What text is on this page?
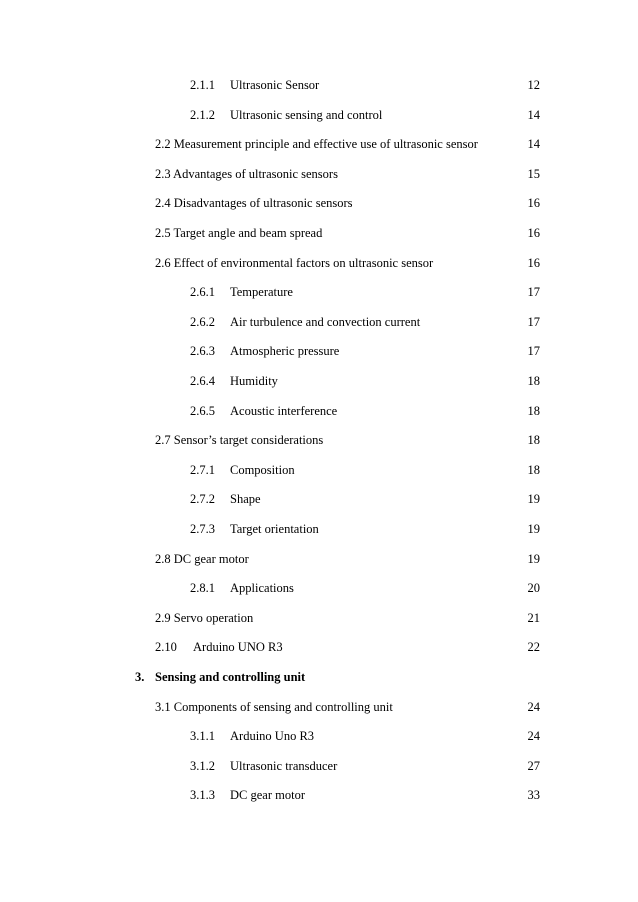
2.1.1 Ultrasonic Sensor	12
2.1.2 Ultrasonic sensing and control	14
2.2 Measurement principle and effective use of ultrasonic sensor	14
2.3 Advantages of ultrasonic sensors	15
2.4 Disadvantages of ultrasonic sensors	16
2.5 Target angle and beam spread	16
2.6 Effect of environmental factors on ultrasonic sensor	16
2.6.1 Temperature	17
2.6.2 Air turbulence and convection current	17
2.6.3 Atmospheric pressure	17
2.6.4 Humidity	18
2.6.5 Acoustic interference	18
2.7 Sensor’s target considerations	18
2.7.1 Composition	18
2.7.2 Shape	19
2.7.3 Target orientation	19
2.8 DC gear motor	19
2.8.1 Applications	20
2.9 Servo operation	21
2.10 Arduino UNO R3	22
3. Sensing and controlling unit
3.1 Components of sensing and controlling unit	24
3.1.1 Arduino Uno R3	24
3.1.2 Ultrasonic transducer	27
3.1.3 DC gear motor	33
